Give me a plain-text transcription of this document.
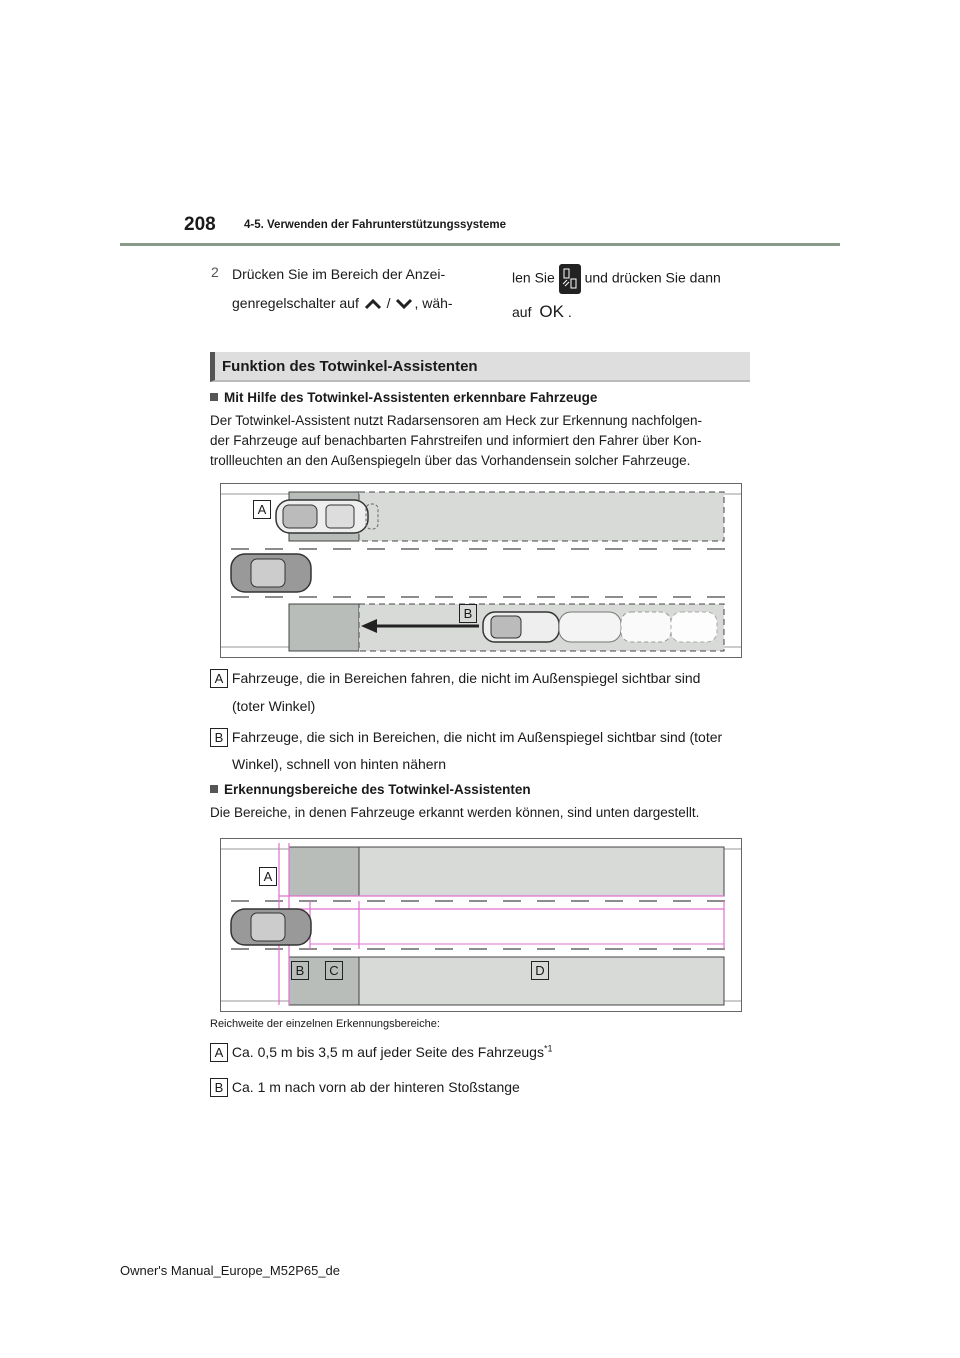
208 4-5. Verwenden der Fahrunterstützungssysteme
2 Drücken Sie im Bereich der Anzei-
genregelschalter auf / , wäh-
len Sie und drücken Sie dann
auf OK .
Funktion des Totwinkel-Assistenten
Mit Hilfe des Totwinkel-Assistenten erkennbare Fahrzeuge
Der Totwinkel-Assistent nutzt Radarsensoren am Heck zur Erkennung nachfolgen-
der Fahrzeuge auf benachbarten Fahrstreifen und informiert den Fahrer über Kon-
trollleuchten an den Außenspiegeln über das Vorhandensein solcher Fahrzeuge.
A
B
A Fahrzeuge, die in Bereichen fahren, die nicht im Außenspiegel sichtbar sind
(toter Winkel)
B Fahrzeuge, die sich in Bereichen, die nicht im Außenspiegel sichtbar sind (toter
Winkel), schnell von hinten nähern
Erkennungsbereiche des Totwinkel-Assistenten
Die Bereiche, in denen Fahrzeuge erkannt werden können, sind unten dargestellt.
A
B	C	D
Reichweite der einzelnen Erkennungsbereiche:
A Ca. 0,5 m bis 3,5 m auf jeder Seite des Fahrzeugs$^{*1}$
B Ca. 1 m nach vorn ab der hinteren Stoßstange
Owner's Manual_Europe_M52P65_de
